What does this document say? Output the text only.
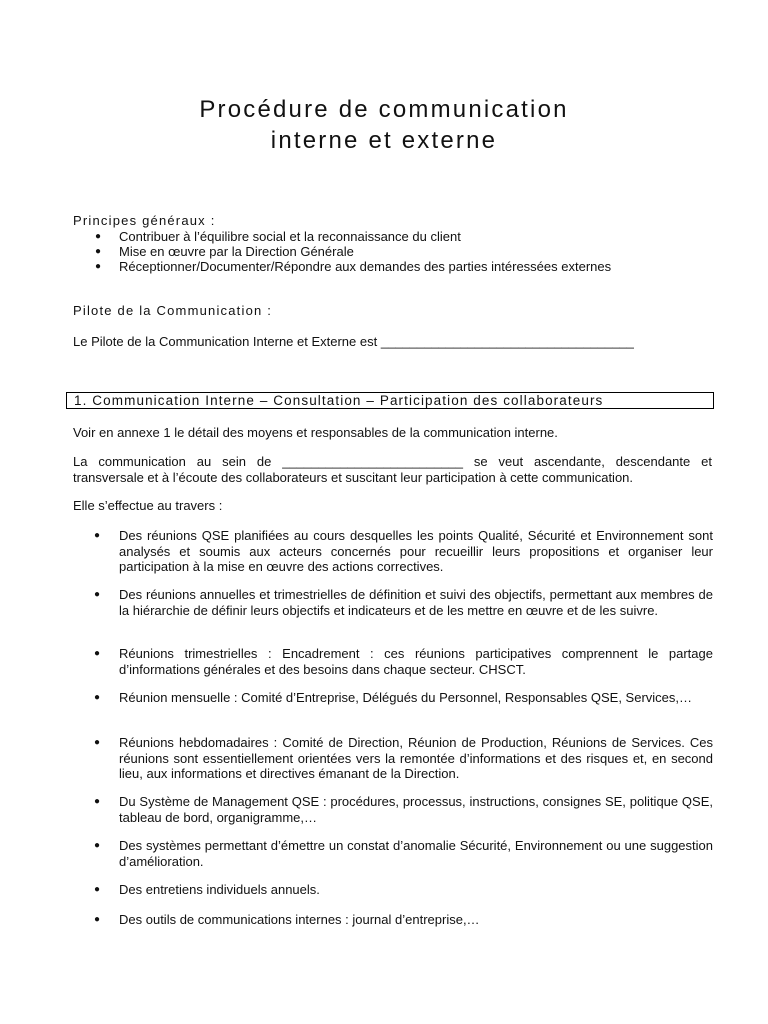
Procédure de communication
interne et externe
Principes généraux :
● Contribuer à l’équilibre social et la reconnaissance du client
● Mise en œuvre par la Direction Générale
● Réceptionner/Documenter/Répondre aux demandes des parties intéressées externes
Pilote de la Communication :
Le Pilote de la Communication Interne et Externe est ___________________________________
1. Communication Interne – Consultation – Participation des collaborateurs
Voir en annexe 1 le détail des moyens et responsables de la communication interne.
La communication au sein de _________________________ se veut ascendante, descendante et transversale et à l’écoute des collaborateurs et suscitant leur participation à cette communication.
Elle s’effectue au travers :
● Des réunions QSE planifiées au cours desquelles les points Qualité, Sécurité et Environnement sont analysés et soumis aux acteurs concernés pour recueillir leurs propositions et organiser leur participation à la mise en œuvre des actions correctives.
● Des réunions annuelles et trimestrielles de définition et suivi des objectifs, permettant aux membres de la hiérarchie de définir leurs objectifs et indicateurs et de les mettre en œuvre et de les suivre.
● Réunions trimestrielles : Encadrement : ces réunions participatives comprennent le partage d’informations générales et des besoins dans chaque secteur. CHSCT.
● Réunion mensuelle : Comité d’Entreprise, Délégués du Personnel, Responsables QSE, Services,…
● Réunions hebdomadaires : Comité de Direction, Réunion de Production, Réunions de Services. Ces réunions sont essentiellement orientées vers la remontée d’informations et des risques et, en second lieu, aux informations et directives émanant de la Direction.
● Du Système de Management QSE : procédures, processus, instructions, consignes SE, politique QSE, tableau de bord, organigramme,…
● Des systèmes permettant d’émettre un constat d’anomalie Sécurité, Environnement ou une suggestion d’amélioration.
● Des entretiens individuels annuels.
● Des outils de communications internes : journal d’entreprise,…
